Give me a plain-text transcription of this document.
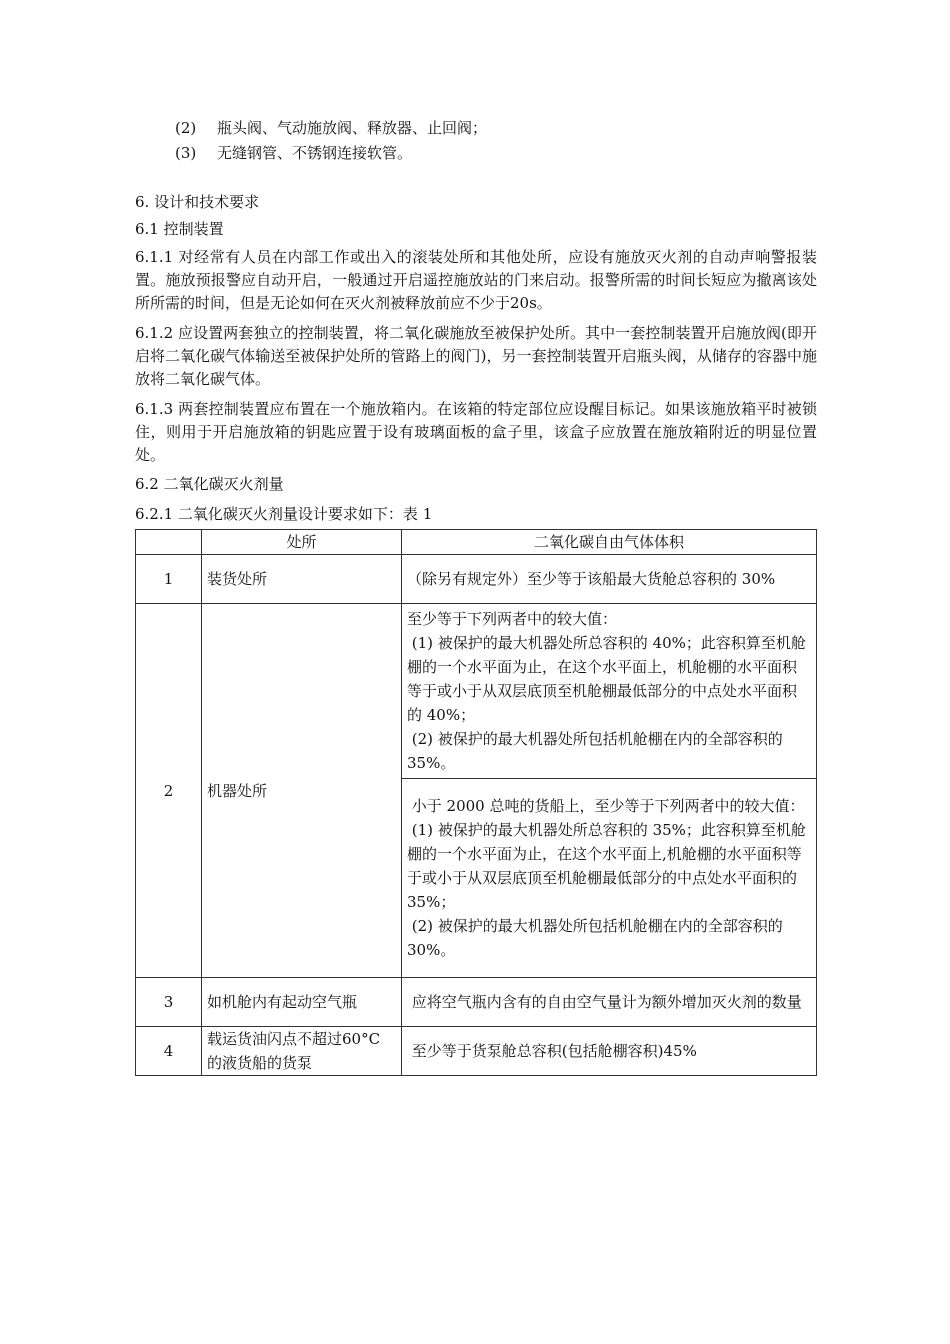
(2) 瓶头阀、气动施放阀、释放器、止回阀；
(3) 无缝钢管、不锈钢连接软管。
6. 设计和技术要求
6.1 控制装置
6.1.1 对经常有人员在内部工作或出入的滚装处所和其他处所，应设有施放灭火剂的自动声响警报装置。施放预报警应自动开启，一般通过开启遥控施放站的门来启动。报警所需的时间长短应为撤离该处所所需的时间，但是无论如何在灭火剂被释放前应不少于20s。
6.1.2 应设置两套独立的控制装置，将二氧化碳施放至被保护处所。其中一套控制装置开启施放阀(即开启将二氧化碳气体输送至被保护处所的管路上的阀门)，另一套控制装置开启瓶头阀，从储存的容器中施放将二氧化碳气体。
6.1.3 两套控制装置应布置在一个施放箱内。在该箱的特定部位应设醒目标记。如果该施放箱平时被锁住，则用于开启施放箱的钥匙应置于设有玻璃面板的盒子里，该盒子应放置在施放箱附近的明显位置处。
6.2 二氧化碳灭火剂量
6.2.1 二氧化碳灭火剂量设计要求如下：表 1
	处所	二氧化碳自由气体体积
1	装货处所	（除另有规定外）至少等于该船最大货舱总容积的 30%
2	机器处所	至少等于下列两者中的较大值：
(1) 被保护的最大机器处所总容积的 40%；此容积算至机舱棚的一个水平面为止，在这个水平面上，机舱棚的水平面积等于或小于从双层底顶至机舱棚最低部分的中点处水平面积的 40%；
(2) 被保护的最大机器处所包括机舱棚在内的全部容积的 35%。
		小于 2000 总吨的货船上，至少等于下列两者中的较大值：
(1) 被保护的最大机器处所总容积的 35%；此容积算至机舱棚的一个水平面为止，在这个水平面上,机舱棚的水平面积等于或小于从双层底顶至机舱棚最低部分的中点处水平面积的 35%；
(2) 被保护的最大机器处所包括机舱棚在内的全部容积的 30%。
3	如机舱内有起动空气瓶	应将空气瓶内含有的自由空气量计为额外增加灭火剂的数量
4	载运货油闪点不超过60°C 的液货船的货泵	至少等于货泵舱总容积(包括舱棚容积)45%
